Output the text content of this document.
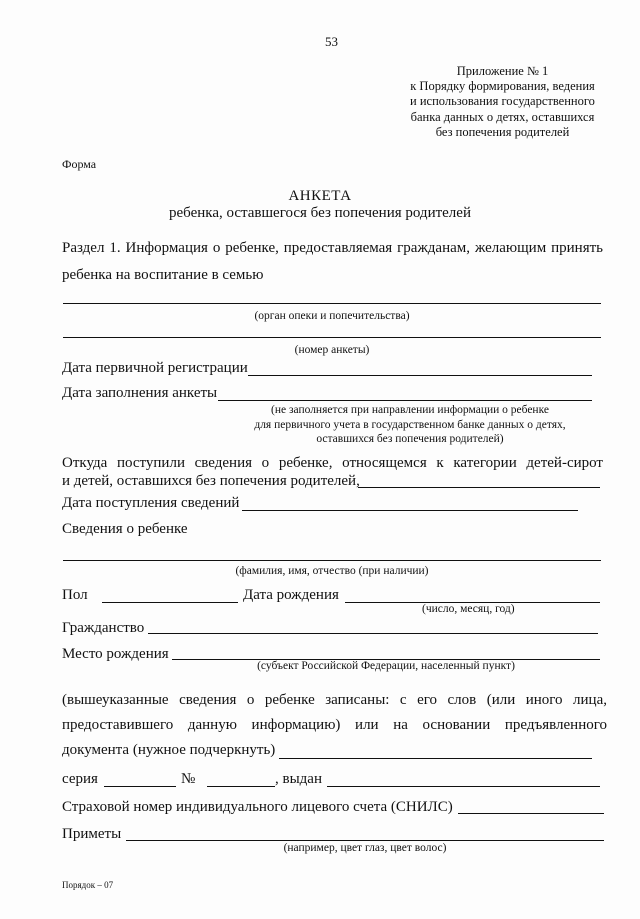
53
Приложение № 1
к Порядку формирования, ведения
и использования государственного
банка данных о детях, оставшихся
без попечения родителей
Форма
АНКЕТА
ребенка, оставшегося без попечения родителей
Раздел 1. Информация о ребенке, предоставляемая гражданам, желающим принять
ребенка на воспитание в семью
(орган опеки и попечительства)
(номер анкеты)
Дата первичной регистрации
Дата заполнения анкеты
(не заполняется при направлении информации о ребенке
для первичного учета в государственном банке данных о детях,
оставшихся без попечения родителей)
Откуда поступили сведения о ребенке, относящемся к категории детей-сирот
и детей, оставшихся без попечения родителей,
Дата поступления сведений
Сведения о ребенке
(фамилия, имя, отчество (при наличии)
Пол	Дата рождения
(число, месяц, год)
Гражданство
Место рождения
(субъект Российской Федерации, населенный пункт)
(вышеуказанные сведения о ребенке записаны: с его слов (или иного лица,
предоставившего данную информацию) или на основании предъявленного
документа (нужное подчеркнуть)
серия	№	, выдан
Страховой номер индивидуального лицевого счета (СНИЛС)
Приметы
(например, цвет глаз, цвет волос)
Порядок – 07
